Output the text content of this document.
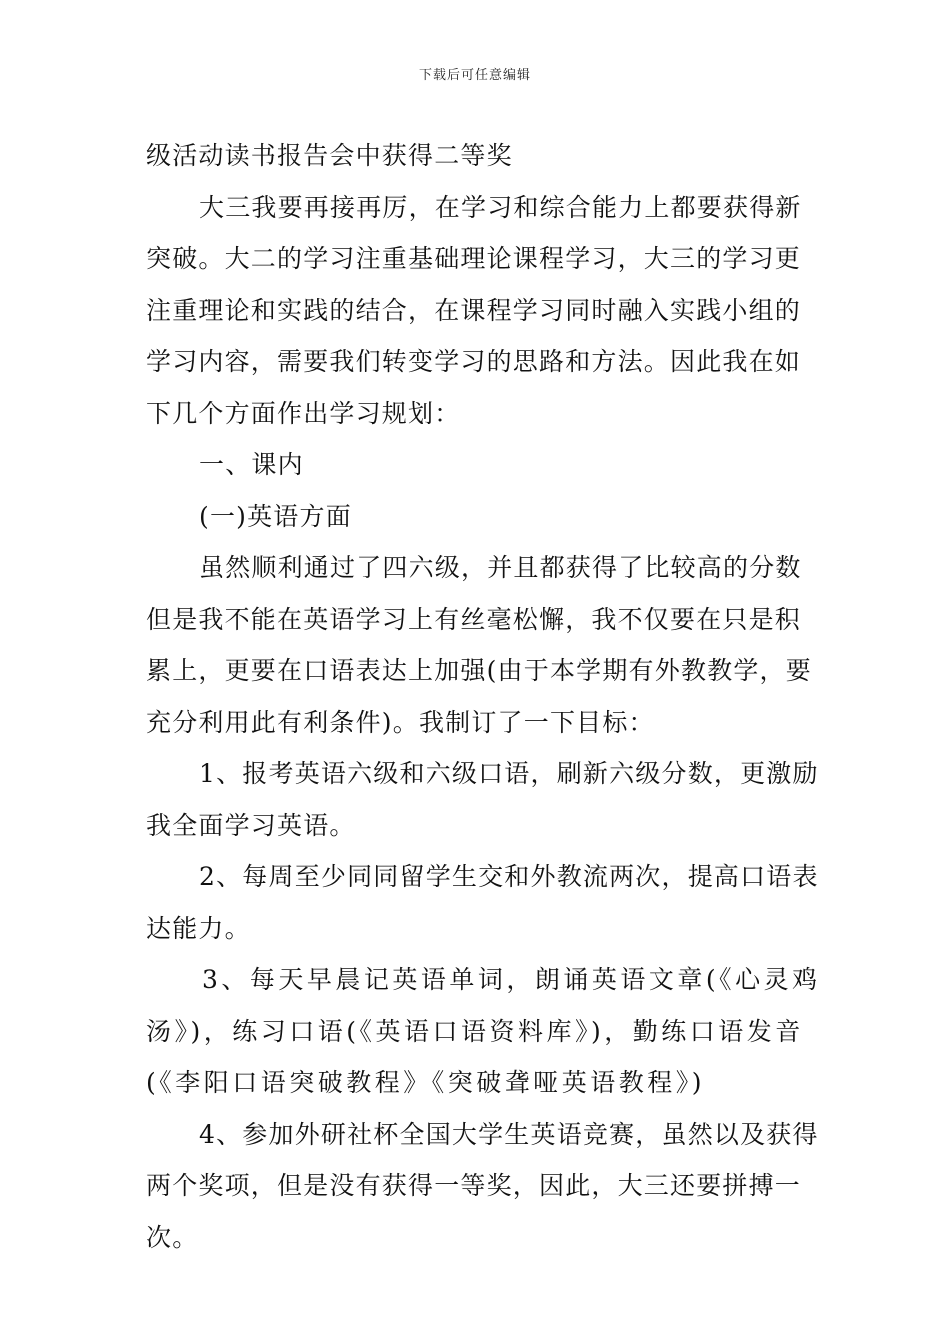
下载后可任意编辑
级活动读书报告会中获得二等奖
大三我要再接再厉，在学习和综合能力上都要获得新
突破。大二的学习注重基础理论课程学习，大三的学习更
注重理论和实践的结合，在课程学习同时融入实践小组的
学习内容，需要我们转变学习的思路和方法。因此我在如
下几个方面作出学习规划：
一、课内
(一)英语方面
虽然顺利通过了四六级，并且都获得了比较高的分数
但是我不能在英语学习上有丝毫松懈，我不仅要在只是积
累上，更要在口语表达上加强(由于本学期有外教教学，要
充分利用此有利条件)。我制订了一下目标：
1、报考英语六级和六级口语，刷新六级分数，更激励
我全面学习英语。
2、每周至少同同留学生交和外教流两次，提高口语表
达能力。
3、每天早晨记英语单词，朗诵英语文章(《心灵鸡
汤》)，练习口语(《英语口语资料库》)，勤练口语发音
(《李阳口语突破教程》《突破聋哑英语教程》)
4、参加外研社杯全国大学生英语竞赛，虽然以及获得
两个奖项，但是没有获得一等奖，因此，大三还要拼搏一
次。
